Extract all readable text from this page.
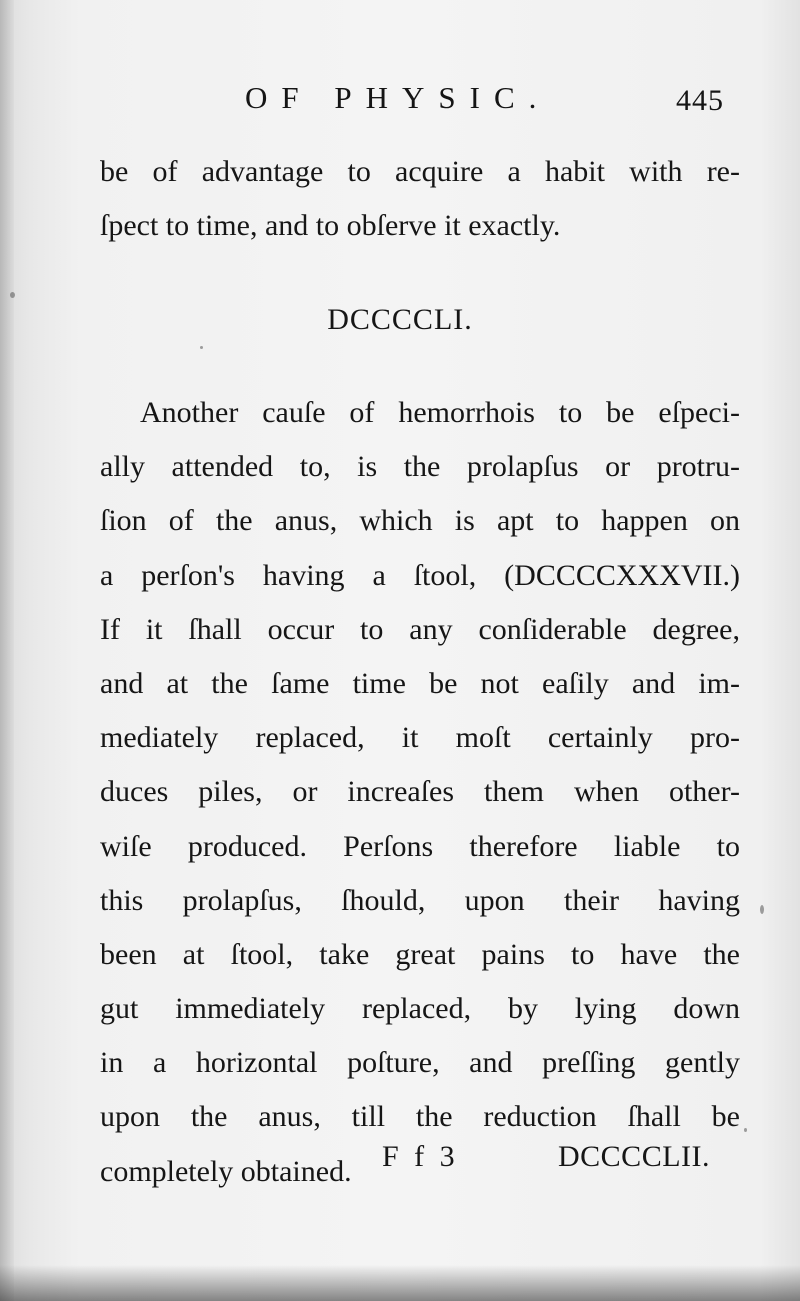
OF PHYSIC.	445
be of advantage to acquire a habit with re-
ſpect to time, and to obſerve it exactly.
DCCCCLI.
Another cauſe of hemorrhois to be eſpeci-
ally attended to, is the prolapſus or protru-
ſion of the anus, which is apt to happen on
a perſon's having a ſtool, (DCCCCXXXVII.)
If it ſhall occur to any conſiderable degree,
and at the ſame time be not eaſily and im-
mediately replaced, it moſt certainly pro-
duces piles, or increaſes them when other-
wiſe produced. Perſons therefore liable to
this prolapſus, ſhould, upon their having
been at ſtool, take great pains to have the
gut immediately replaced, by lying down
in a horizontal poſture, and preſſing gently
upon the anus, till the reduction ſhall be
completely obtained.	F f 3	DCCCCLII.
